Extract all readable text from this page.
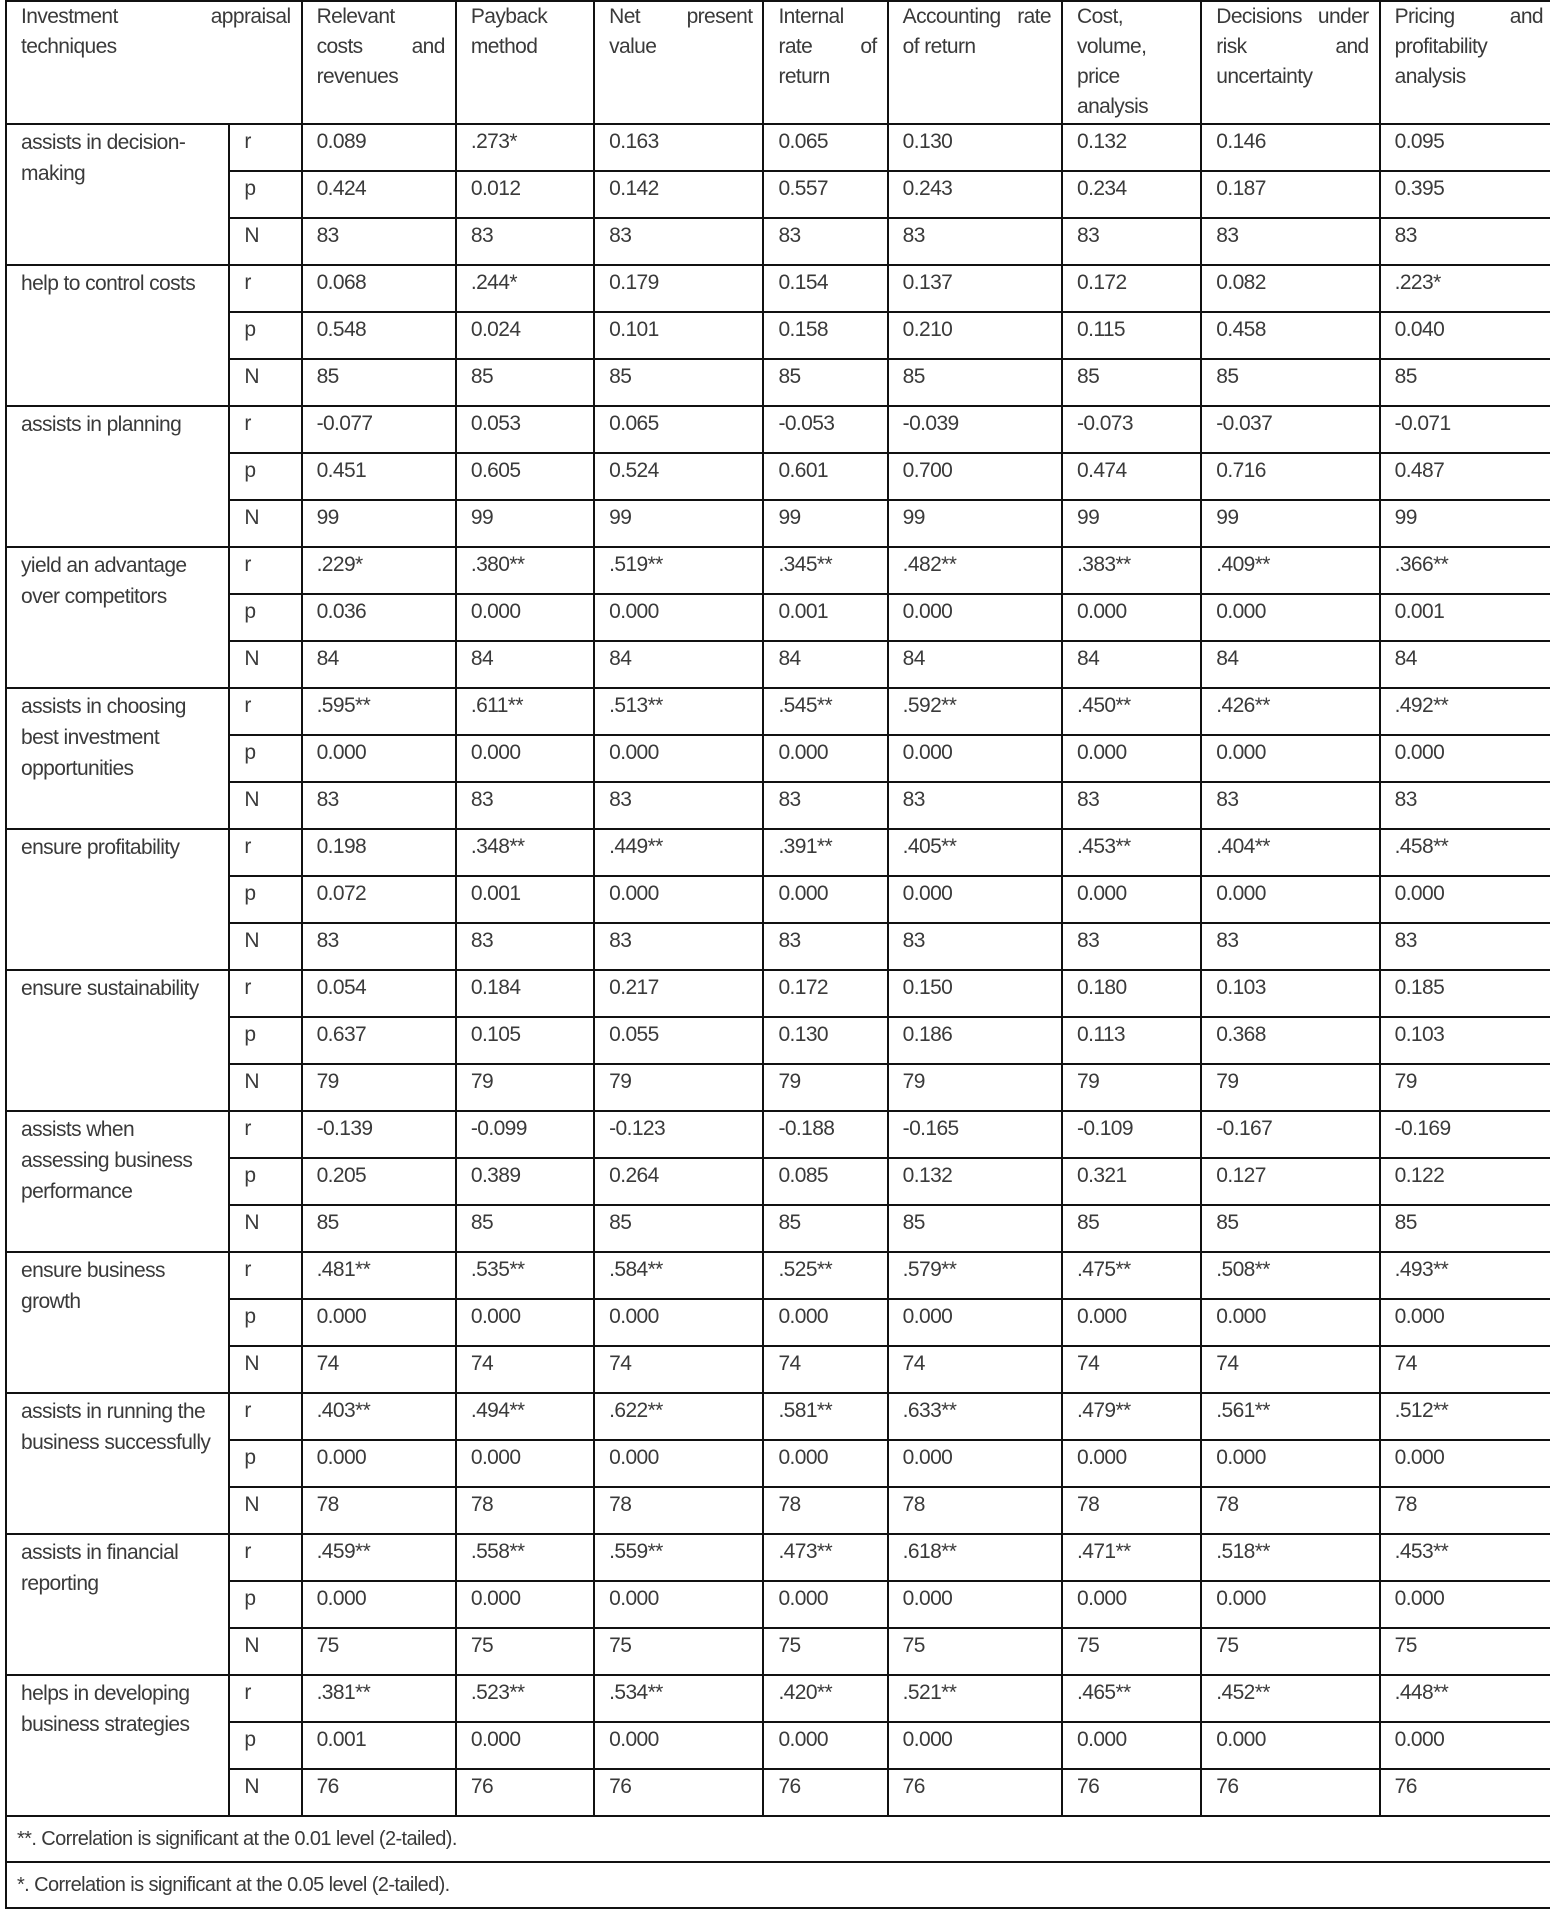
Investment appraisal techniques		Relevant costs and revenues	Payback method	Net present value	Internal rate of return	Accounting rate of return	Cost, volume, price analysis	Decisions under risk and uncertainty	Pricing and profitability analysis
assists in decision-making	r	0.089	.273*	0.163	0.065	0.130	0.132	0.146	0.095
	p	0.424	0.012	0.142	0.557	0.243	0.234	0.187	0.395
	N	83	83	83	83	83	83	83	83
help to control costs	r	0.068	.244*	0.179	0.154	0.137	0.172	0.082	.223*
	p	0.548	0.024	0.101	0.158	0.210	0.115	0.458	0.040
	N	85	85	85	85	85	85	85	85
assists in planning	r	-0.077	0.053	0.065	-0.053	-0.039	-0.073	-0.037	-0.071
	p	0.451	0.605	0.524	0.601	0.700	0.474	0.716	0.487
	N	99	99	99	99	99	99	99	99
yield an advantage over competitors	r	.229*	.380**	.519**	.345**	.482**	.383**	.409**	.366**
	p	0.036	0.000	0.000	0.001	0.000	0.000	0.000	0.001
	N	84	84	84	84	84	84	84	84
assists in choosing best investment opportunities	r	.595**	.611**	.513**	.545**	.592**	.450**	.426**	.492**
	p	0.000	0.000	0.000	0.000	0.000	0.000	0.000	0.000
	N	83	83	83	83	83	83	83	83
ensure profitability	r	0.198	.348**	.449**	.391**	.405**	.453**	.404**	.458**
	p	0.072	0.001	0.000	0.000	0.000	0.000	0.000	0.000
	N	83	83	83	83	83	83	83	83
ensure sustainability	r	0.054	0.184	0.217	0.172	0.150	0.180	0.103	0.185
	p	0.637	0.105	0.055	0.130	0.186	0.113	0.368	0.103
	N	79	79	79	79	79	79	79	79
assists when assessing business performance	r	-0.139	-0.099	-0.123	-0.188	-0.165	-0.109	-0.167	-0.169
	p	0.205	0.389	0.264	0.085	0.132	0.321	0.127	0.122
	N	85	85	85	85	85	85	85	85
ensure business growth	r	.481**	.535**	.584**	.525**	.579**	.475**	.508**	.493**
	p	0.000	0.000	0.000	0.000	0.000	0.000	0.000	0.000
	N	74	74	74	74	74	74	74	74
assists in running the business successfully	r	.403**	.494**	.622**	.581**	.633**	.479**	.561**	.512**
	p	0.000	0.000	0.000	0.000	0.000	0.000	0.000	0.000
	N	78	78	78	78	78	78	78	78
assists in financial reporting	r	.459**	.558**	.559**	.473**	.618**	.471**	.518**	.453**
	p	0.000	0.000	0.000	0.000	0.000	0.000	0.000	0.000
	N	75	75	75	75	75	75	75	75
helps in developing business strategies	r	.381**	.523**	.534**	.420**	.521**	.465**	.452**	.448**
	p	0.001	0.000	0.000	0.000	0.000	0.000	0.000	0.000
	N	76	76	76	76	76	76	76	76
**. Correlation is significant at the 0.01 level (2-tailed).									
*. Correlation is significant at the 0.05 level (2-tailed).									
